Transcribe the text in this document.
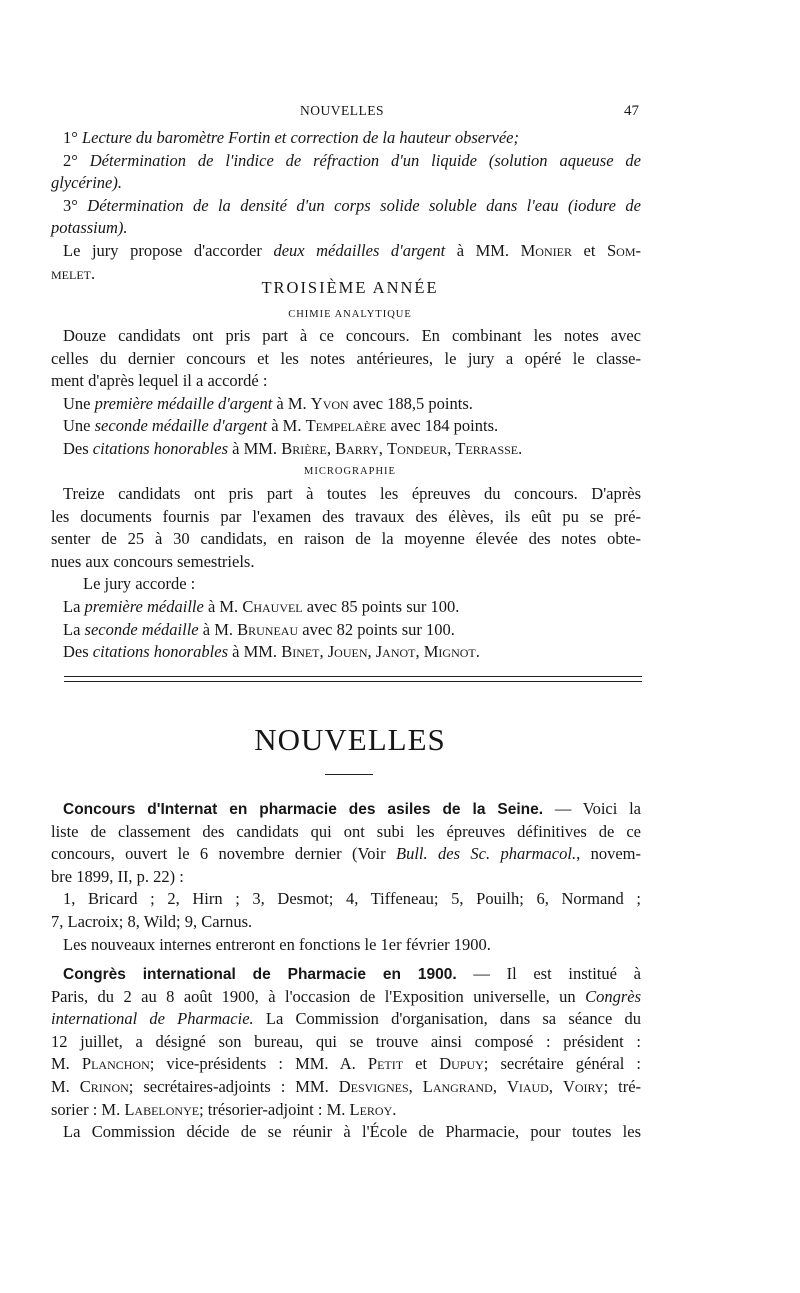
NOUVELLES	47
1° Lecture du baromètre Fortin et correction de la hauteur observée;
2° Détermination de l'indice de réfraction d'un liquide (solution aqueuse de
glycérine).
3° Détermination de la densité d'un corps solide soluble dans l'eau (iodure de
potassium).
Le jury propose d'accorder deux médailles d'argent à MM. Monier et Som-
melet.
TROISIÈME ANNÉE
CHIMIE ANALYTIQUE
Douze candidats ont pris part à ce concours. En combinant les notes avec
celles du dernier concours et les notes antérieures, le jury a opéré le classe-
ment d'après lequel il a accordé :
Une première médaille d'argent à M. Yvon avec 188,5 points.
Une seconde médaille d'argent à M. Tempelaère avec 184 points.
Des citations honorables à MM. Brière, Barry, Tondeur, Terrasse.
MICROGRAPHIE
Treize candidats ont pris part à toutes les épreuves du concours. D'après
les documents fournis par l'examen des travaux des élèves, ils eût pu se pré-
senter de 25 à 30 candidats, en raison de la moyenne élevée des notes obte-
nues aux concours semestriels.
Le jury accorde :
La première médaille à M. Chauvel avec 85 points sur 100.
La seconde médaille à M. Bruneau avec 82 points sur 100.
Des citations honorables à MM. Binet, Jouen, Janot, Mignot.
NOUVELLES
Concours d'Internat en pharmacie des asiles de la Seine. — Voici la
liste de classement des candidats qui ont subi les épreuves définitives de ce
concours, ouvert le 6 novembre dernier (Voir Bull. des Sc. pharmacol., novem-
bre 1899, II, p. 22) :
1, Bricard ; 2, Hirn ; 3, Desmot; 4, Tiffeneau; 5, Pouilh; 6, Normand ;
7, Lacroix; 8, Wild; 9, Carnus.
Les nouveaux internes entreront en fonctions le 1er février 1900.
Congrès international de Pharmacie en 1900. — Il est institué à
Paris, du 2 au 8 août 1900, à l'occasion de l'Exposition universelle, un Congrès
international de Pharmacie. La Commission d'organisation, dans sa séance du
12 juillet, a désigné son bureau, qui se trouve ainsi composé : président :
M. Planchon; vice-présidents : MM. A. Petit et Dupuy; secrétaire général :
M. Crinon; secrétaires-adjoints : MM. Desvignes, Langrand, Viaud, Voiry; tré-
sorier : M. Labelonye; trésorier-adjoint : M. Leroy.
La Commission décide de se réunir à l'École de Pharmacie, pour toutes les
